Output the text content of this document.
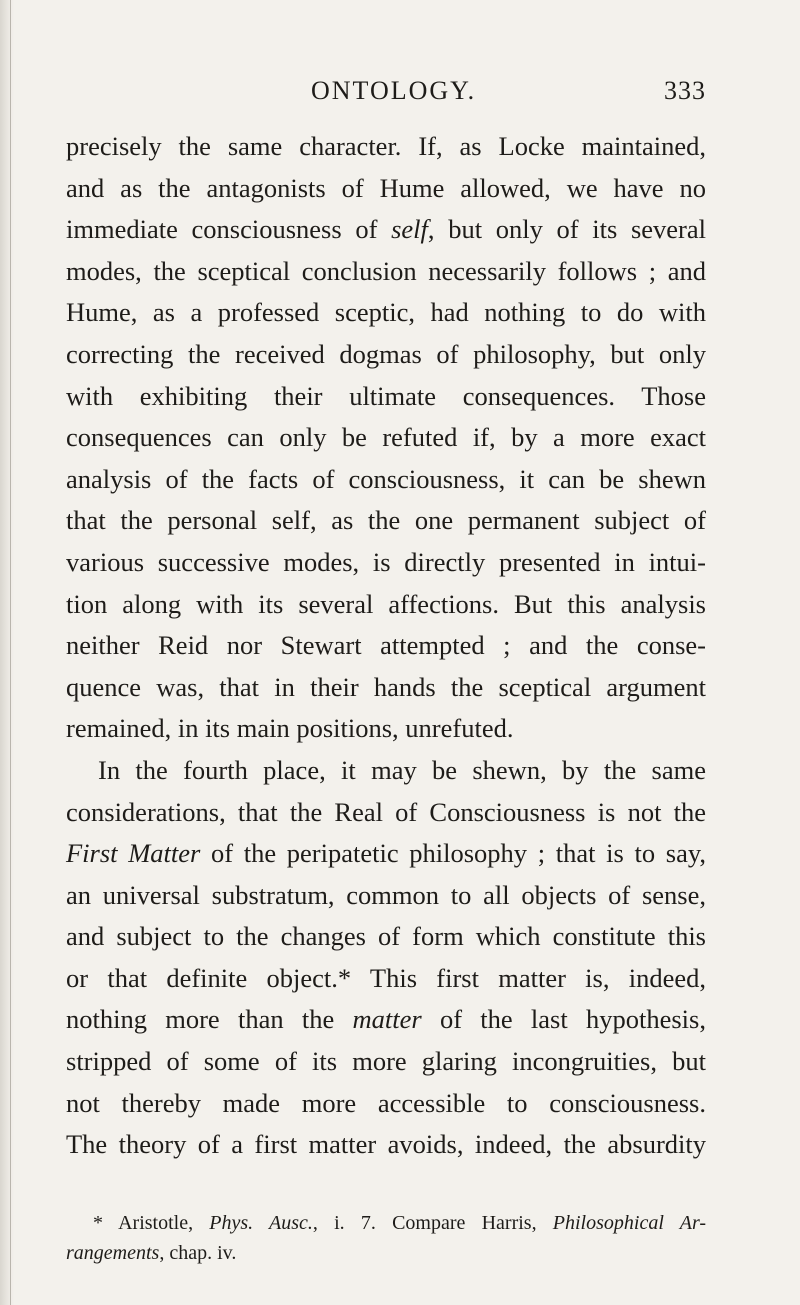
ONTOLOGY.	333
precisely the same character. If, as Locke maintained,
and as the antagonists of Hume allowed, we have no
immediate consciousness of self, but only of its several
modes, the sceptical conclusion necessarily follows ; and
Hume, as a professed sceptic, had nothing to do with
correcting the received dogmas of philosophy, but only
with exhibiting their ultimate consequences. Those
consequences can only be refuted if, by a more exact
analysis of the facts of consciousness, it can be shewn
that the personal self, as the one permanent subject of
various successive modes, is directly presented in intui-
tion along with its several affections. But this analysis
neither Reid nor Stewart attempted ; and the conse-
quence was, that in their hands the sceptical argument
remained, in its main positions, unrefuted.
In the fourth place, it may be shewn, by the same
considerations, that the Real of Consciousness is not the
First Matter of the peripatetic philosophy ; that is to say,
an universal substratum, common to all objects of sense,
and subject to the changes of form which constitute this
or that definite object.* This first matter is, indeed,
nothing more than the matter of the last hypothesis,
stripped of some of its more glaring incongruities, but
not thereby made more accessible to consciousness.
The theory of a first matter avoids, indeed, the absurdity
* Aristotle, Phys. Ausc., i. 7. Compare Harris, Philosophical Ar-
rangements, chap. iv.
